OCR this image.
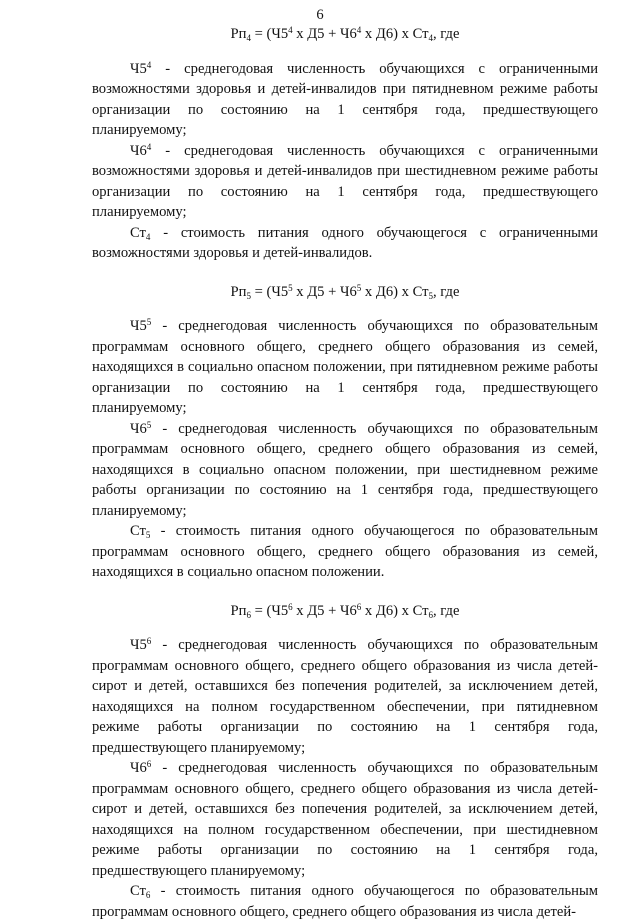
6

$Рп_4 = (Ч5^4$ х $Д5 + Ч6^4$ х Д6) х $Ст_4$, где

$Ч5^4$ - среднегодовая численность обучающихся с ограниченными возможностями здоровья и детей-инвалидов при пятидневном режиме работы организации по состоянию на 1 сентября года, предшествующего планируемому;

$Ч6^4$ - среднегодовая численность обучающихся с ограниченными возможностями здоровья и детей-инвалидов при шестидневном режиме работы организации по состоянию на 1 сентября года, предшествующего планируемому;

$Ст_4$ - стоимость питания одного обучающегося с ограниченными возможностями здоровья и детей-инвалидов.

$Рп_5 = (Ч5^5$ х $Д5 + Ч6^5$ х Д6) х $Ст_5$, где

$Ч5^5$ - среднегодовая численность обучающихся по образовательным программам основного общего, среднего общего образования из семей, находящихся в социально опасном положении, при пятидневном режиме работы организации по состоянию на 1 сентября года, предшествующего планируемому;

$Ч6^5$ - среднегодовая численность обучающихся по образовательным программам основного общего, среднего общего образования из семей, находящихся в социально опасном положении, при шестидневном режиме работы организации по состоянию на 1 сентября года, предшествующего планируемому;

$Ст_5$ - стоимость питания одного обучающегося по образовательным программам основного общего, среднего общего образования из семей, находящихся в социально опасном положении.

$Рп_6 = (Ч5^6$ х $Д5 + Ч6^6$ х Д6) х $Ст_6$, где

$Ч5^6$ - среднегодовая численность обучающихся по образовательным программам основного общего, среднего общего образования из числа детей-сирот и детей, оставшихся без попечения родителей, за исключением детей, находящихся на полном государственном обеспечении, при пятидневном режиме работы организации по состоянию на 1 сентября года, предшествующего планируемому;

$Ч6^6$ - среднегодовая численность обучающихся по образовательным программам основного общего, среднего общего образования из числа детей-сирот и детей, оставшихся без попечения родителей, за исключением детей, находящихся на полном государственном обеспечении, при шестидневном режиме работы организации по состоянию на 1 сентября года, предшествующего планируемому;

$Ст_6$ - стоимость питания одного обучающегося по образовательным программам основного общего, среднего общего образования из числа детей-
